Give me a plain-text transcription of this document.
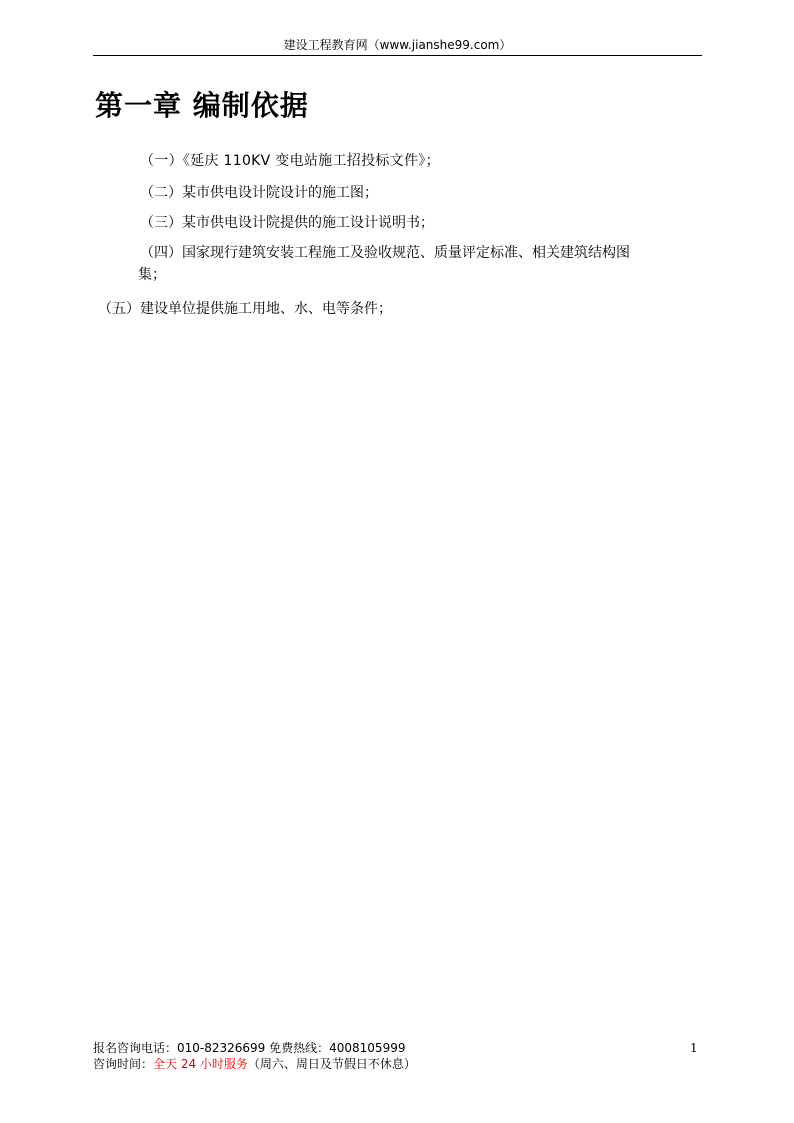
建设工程教育网（www.jianshe99.com）
第一章 编制依据
（一）《延庆 110KV 变电站施工招投标文件》；
（二）某市供电设计院设计的施工图；
（三）某市供电设计院提供的施工设计说明书；
（四）国家现行建筑安装工程施工及验收规范、质量评定标准、相关建筑结构图
集；
（五）建设单位提供施工用地、水、电等条件；
报名咨询电话：010-82326699 免费热线：4008105999
咨询时间：全天 24 小时服务（周六、周日及节假日不休息）
1
